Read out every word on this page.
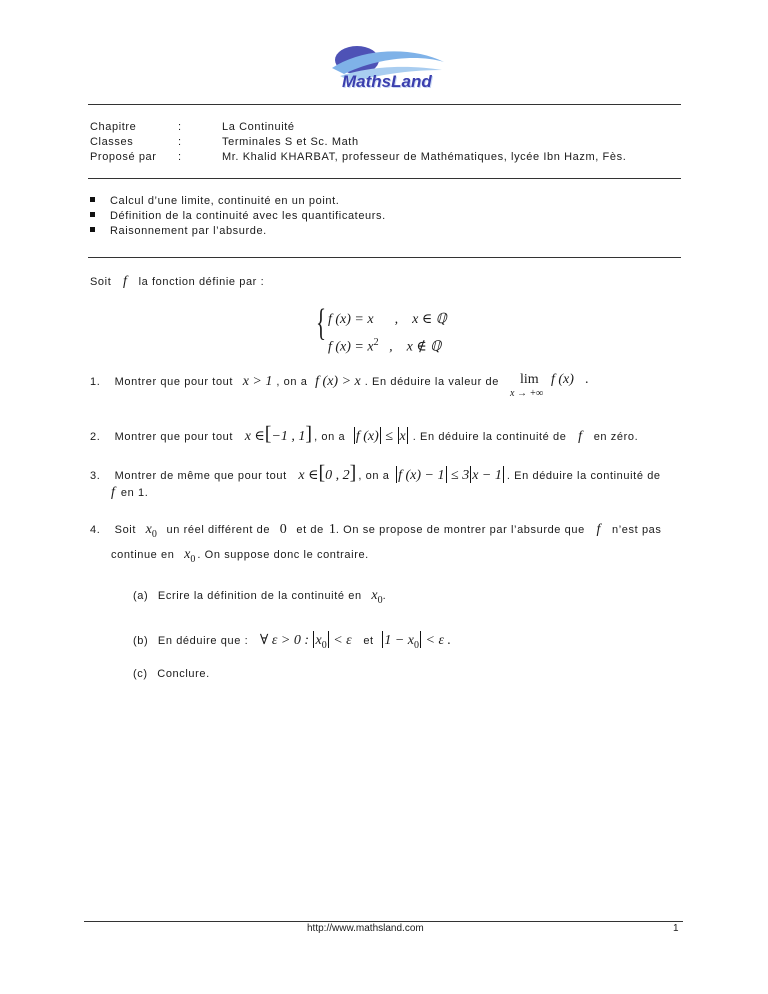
MathsLand
Chapitre	:	La Continuité
Classes	:	Terminales S et Sc. Math
Proposé par :	Mr. Khalid KHARBAT, professeur de Mathématiques, lycée Ibn Hazm, Fès.
Calcul d’une limite, continuité en un point.
Définition de la continuité avec les quantificateurs.
Raisonnement par l’absurde.
Soit f la fonction définie par :
{ f (x) = x      ,    x ∈ ℚ
f $(x) = x^2$ ,    x ∉ ℚ
1. Montrer que pour tout x > 1 , on a f (x) > x . En déduire la valeur de lim f (x) .
x → +∞
2. Montrer que pour tout x ∈[−1 , 1] , on a f (x) ≤ x . En déduire la continuité de f en zéro.
3. Montrer de même que pour tout x ∈[0 , 2] , on a f (x) − 1 ≤ 3 x − 1 . En déduire la continuité de
f en 1.
4. Soit $x_0$ un réel différent de 0 et de 1. On se propose de montrer par l’absurde que f n’est pas
continue en $x_0$ . On suppose donc le contraire.
(a) Ecrire la définition de la continuité en $x_0$.
(b) En déduire que : ∀ ε > 0 : $x_0 < \varepsilon$ et $1 - x_0 < \varepsilon$ .
(c) Conclure.
http://www.mathsland.com	1
